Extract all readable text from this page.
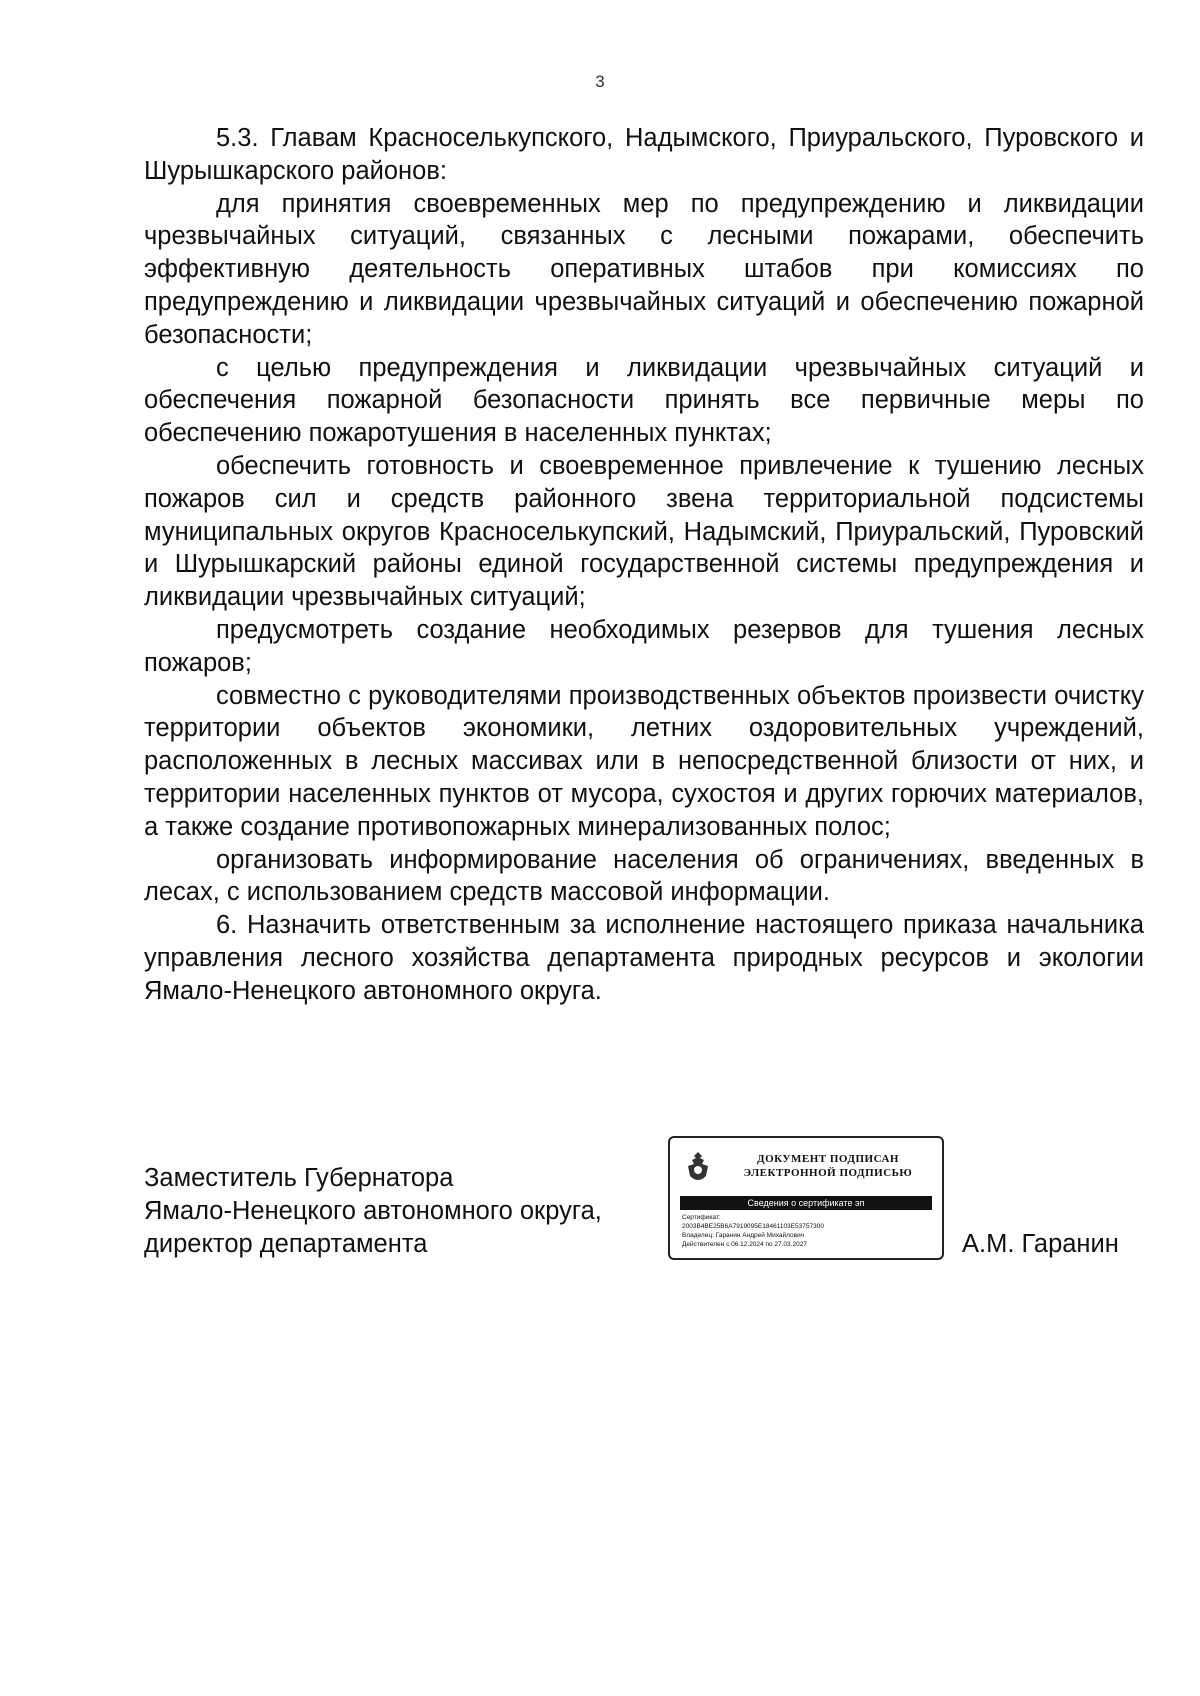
3

5.3. Главам Красноселькупского, Надымского, Приуральского, Пуровского и Шурышкарского районов:

для принятия своевременных мер по предупреждению и ликвидации чрезвычайных ситуаций, связанных с лесными пожарами, обеспечить эффективную деятельность оперативных штабов при комиссиях по предупреждению и ликвидации чрезвычайных ситуаций и обеспечению пожарной безопасности;

с целью предупреждения и ликвидации чрезвычайных ситуаций и обеспечения пожарной безопасности принять все первичные меры по обеспечению пожаротушения в населенных пунктах;

обеспечить готовность и своевременное привлечение к тушению лесных пожаров сил и средств районного звена территориальной подсистемы муниципальных округов Красноселькупский, Надымский, Приуральский, Пуровский и Шурышкарский районы единой государственной системы предупреждения и ликвидации чрезвычайных ситуаций;

предусмотреть создание необходимых резервов для тушения лесных пожаров;

совместно с руководителями производственных объектов произвести очистку территории объектов экономики, летних оздоровительных учреждений, расположенных в лесных массивах или в непосредственной близости от них, и территории населенных пунктов от мусора, сухостоя и других горючих материалов, а также создание противопожарных минерализованных полос;

организовать информирование населения об ограничениях, введенных в лесах, с использованием средств массовой информации.

6. Назначить ответственным за исполнение настоящего приказа начальника управления лесного хозяйства департамента природных ресурсов и экологии Ямало-Ненецкого автономного округа.

Заместитель Губернатора
Ямало-Ненецкого автономного округа,
директор департамента
ДОКУМЕНТ ПОДПИСАН
ЭЛЕКТРОННОЙ ПОДПИСЬЮ
Сведения о сертификате эп
Сертификат:
2003B4BE25B6A7919095E18461103E53757300
Владелец: Гаранин Андрей Михайлович
Действителен с 06.12.2024 по 27.03.2027	А.М. Гаранин
